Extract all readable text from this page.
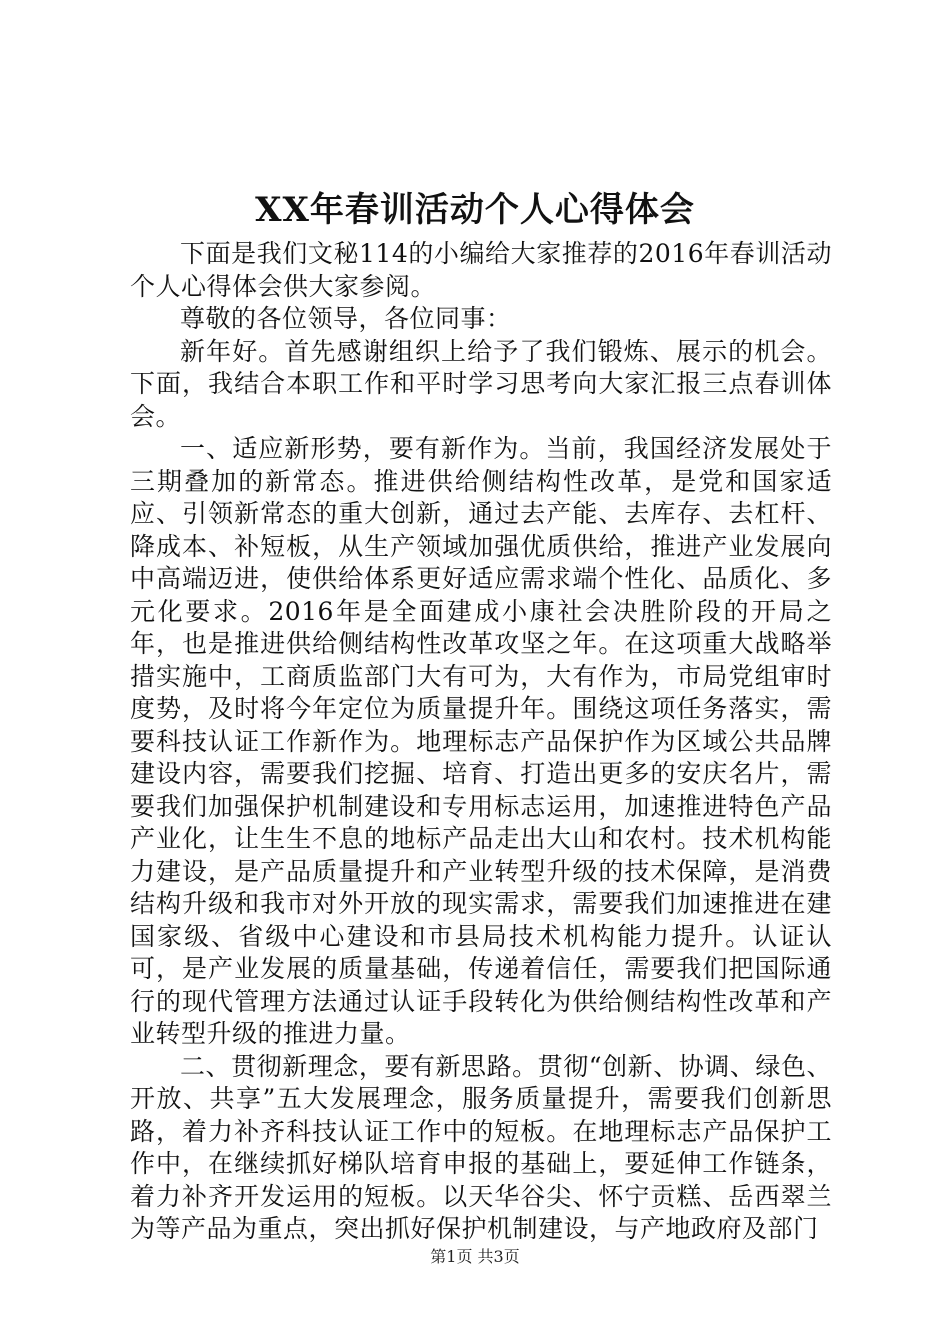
XX年春训活动个人心得体会

下面是我们文秘114的小编给大家推荐的2016年春训活动个人心得体会供大家参阅。

尊敬的各位领导，各位同事：

新年好。首先感谢组织上给予了我们锻炼、展示的机会。下面，我结合本职工作和平时学习思考向大家汇报三点春训体会。

一、适应新形势，要有新作为。当前，我国经济发展处于三期叠加的新常态。推进供给侧结构性改革，是党和国家适应、引领新常态的重大创新，通过去产能、去库存、去杠杆、降成本、补短板，从生产领域加强优质供给，推进产业发展向中高端迈进，使供给体系更好适应需求端个性化、品质化、多元化要求。2016年是全面建成小康社会决胜阶段的开局之年，也是推进供给侧结构性改革攻坚之年。在这项重大战略举措实施中，工商质监部门大有可为，大有作为，市局党组审时度势，及时将今年定位为质量提升年。围绕这项任务落实，需要科技认证工作新作为。地理标志产品保护作为区域公共品牌建设内容，需要我们挖掘、培育、打造出更多的安庆名片，需要我们加强保护机制建设和专用标志运用，加速推进特色产品产业化，让生生不息的地标产品走出大山和农村。技术机构能力建设，是产品质量提升和产业转型升级的技术保障，是消费结构升级和我市对外开放的现实需求，需要我们加速推进在建国家级、省级中心建设和市县局技术机构能力提升。认证认可，是产业发展的质量基础，传递着信任，需要我们把国际通行的现代管理方法通过认证手段转化为供给侧结构性改革和产业转型升级的推进力量。

二、贯彻新理念，要有新思路。贯彻“创新、协调、绿色、开放、共享”五大发展理念，服务质量提升，需要我们创新思路，着力补齐科技认证工作中的短板。在地理标志产品保护工作中，在继续抓好梯队培育申报的基础上，要延伸工作链条，着力补齐开发运用的短板。以天华谷尖、怀宁贡糕、岳西翠兰为等产品为重点，突出抓好保护机制建设，与产地政府及部门

第1页 共3页
